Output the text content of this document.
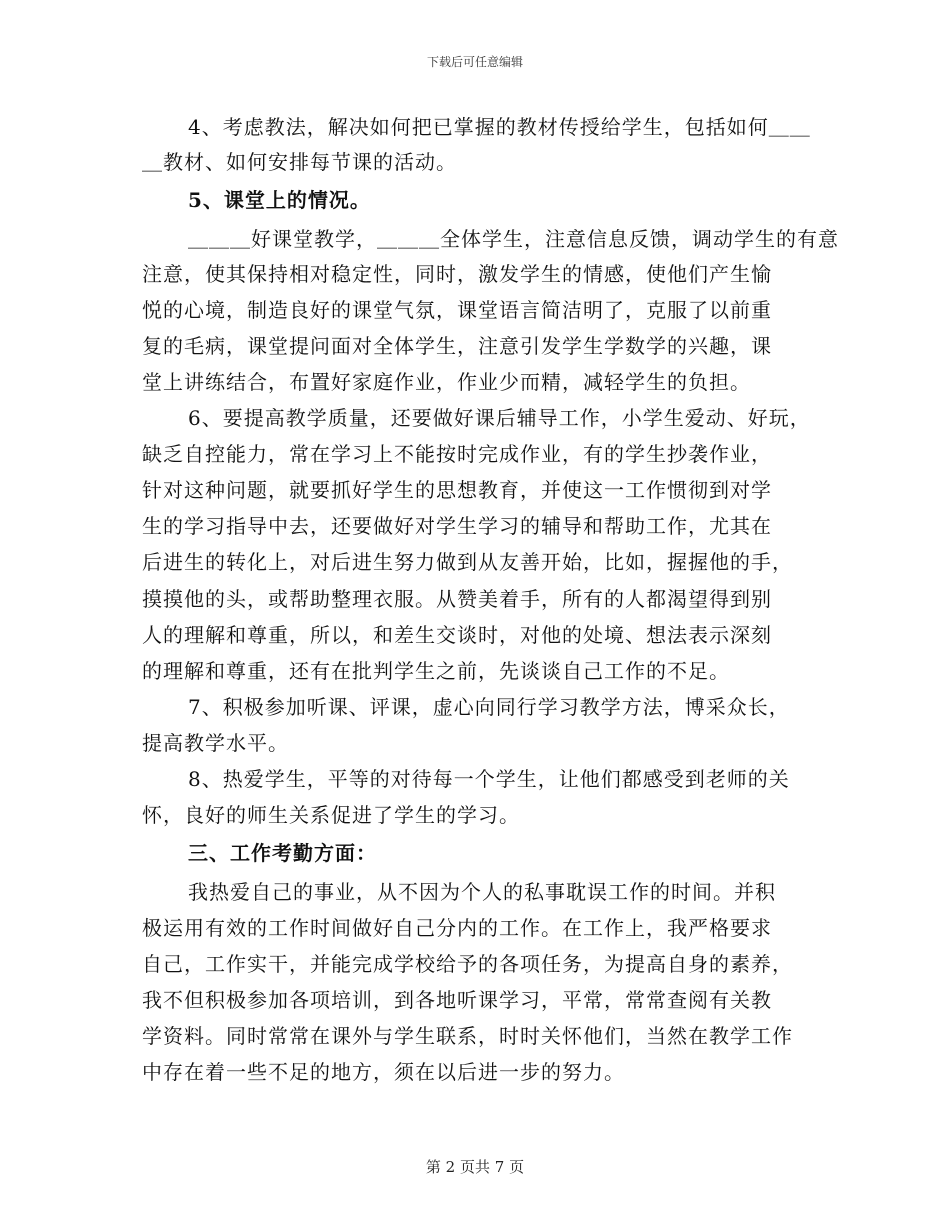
下载后可任意编辑
4、考虑教法，解决如何把已掌握的教材传授给学生，包括如何＿＿
＿教材、如何安排每节课的活动。
5、课堂上的情况。
＿＿＿好课堂教学，＿＿＿全体学生，注意信息反馈，调动学生的有意
注意，使其保持相对稳定性，同时，激发学生的情感，使他们产生愉
悦的心境，制造良好的课堂气氛，课堂语言简洁明了，克服了以前重
复的毛病，课堂提问面对全体学生，注意引发学生学数学的兴趣，课
堂上讲练结合，布置好家庭作业，作业少而精，减轻学生的负担。
6、要提高教学质量，还要做好课后辅导工作，小学生爱动、好玩，
缺乏自控能力，常在学习上不能按时完成作业，有的学生抄袭作业，
针对这种问题，就要抓好学生的思想教育，并使这一工作惯彻到对学
生的学习指导中去，还要做好对学生学习的辅导和帮助工作，尤其在
后进生的转化上，对后进生努力做到从友善开始，比如，握握他的手，
摸摸他的头，或帮助整理衣服。从赞美着手，所有的人都渴望得到别
人的理解和尊重，所以，和差生交谈时，对他的处境、想法表示深刻
的理解和尊重，还有在批判学生之前，先谈谈自己工作的不足。
7、积极参加听课、评课，虚心向同行学习教学方法，博采众长，
提高教学水平。
8、热爱学生，平等的对待每一个学生，让他们都感受到老师的关
怀，良好的师生关系促进了学生的学习。
三、工作考勤方面：
我热爱自己的事业，从不因为个人的私事耽误工作的时间。并积
极运用有效的工作时间做好自己分内的工作。在工作上，我严格要求
自己，工作实干，并能完成学校给予的各项任务，为提高自身的素养，
我不但积极参加各项培训，到各地听课学习，平常，常常查阅有关教
学资料。同时常常在课外与学生联系，时时关怀他们，当然在教学工作
中存在着一些不足的地方，须在以后进一步的努力。
第 2 页共 7 页
